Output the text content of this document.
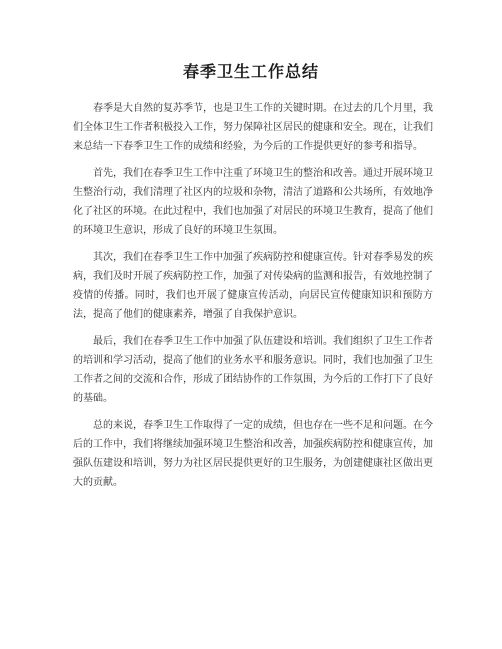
春季卫生工作总结

春季是大自然的复苏季节，也是卫生工作的关键时期。在过去的几个月里，我们全体卫生工作者积极投入工作，努力保障社区居民的健康和安全。现在，让我们来总结一下春季卫生工作的成绩和经验，为今后的工作提供更好的参考和指导。

首先，我们在春季卫生工作中注重了环境卫生的整治和改善。通过开展环境卫生整治行动，我们清理了社区内的垃圾和杂物，清洁了道路和公共场所，有效地净化了社区的环境。在此过程中，我们也加强了对居民的环境卫生教育，提高了他们的环境卫生意识，形成了良好的环境卫生氛围。

其次，我们在春季卫生工作中加强了疾病防控和健康宣传。针对春季易发的疾病，我们及时开展了疾病防控工作，加强了对传染病的监测和报告，有效地控制了疫情的传播。同时，我们也开展了健康宣传活动，向居民宣传健康知识和预防方法，提高了他们的健康素养，增强了自我保护意识。

最后，我们在春季卫生工作中加强了队伍建设和培训。我们组织了卫生工作者的培训和学习活动，提高了他们的业务水平和服务意识。同时，我们也加强了卫生工作者之间的交流和合作，形成了团结协作的工作氛围，为今后的工作打下了良好的基础。

总的来说，春季卫生工作取得了一定的成绩，但也存在一些不足和问题。在今后的工作中，我们将继续加强环境卫生整治和改善，加强疾病防控和健康宣传，加强队伍建设和培训，努力为社区居民提供更好的卫生服务，为创建健康社区做出更大的贡献。
